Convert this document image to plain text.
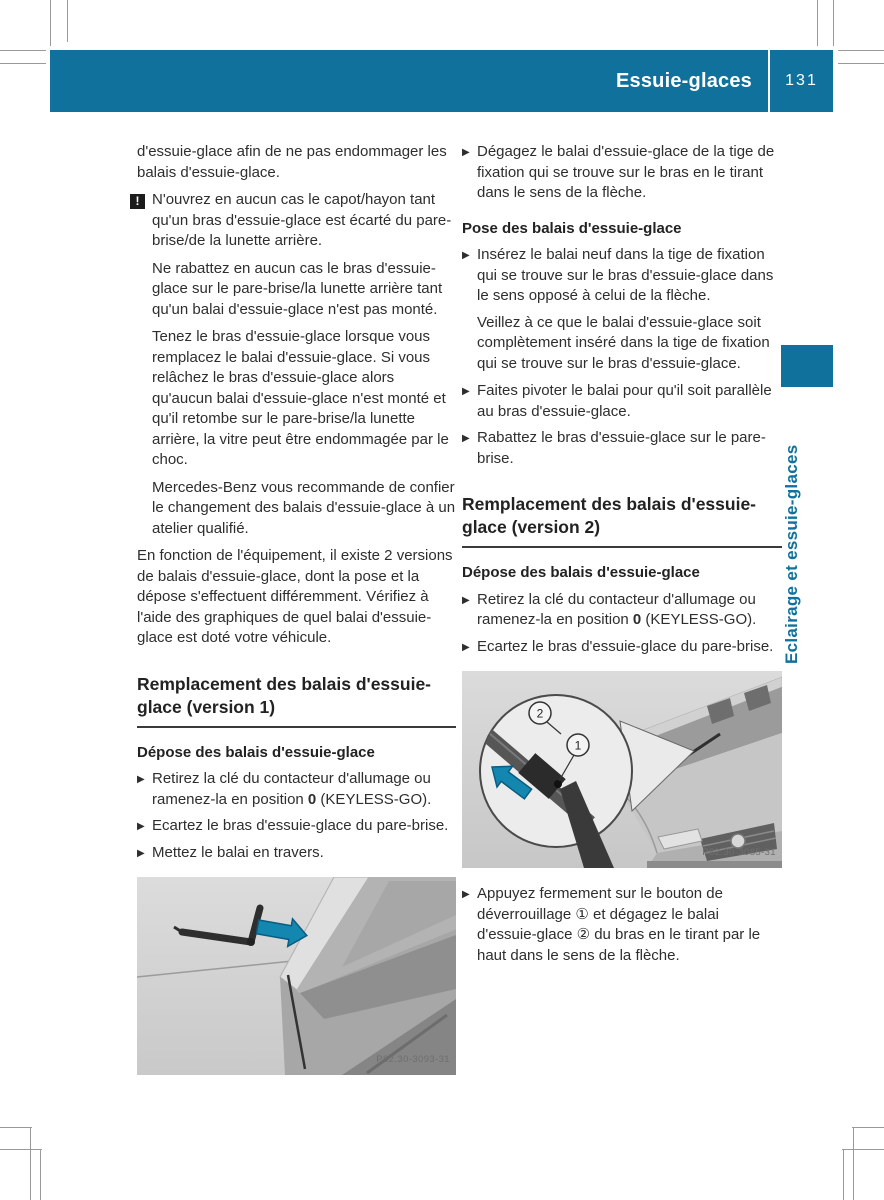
Essuie-glaces	131
Eclairage et essuie-glaces

d'essuie-glace afin de ne pas endommager les balais d'essuie-glace.

! N'ouvrez en aucun cas le capot/hayon tant qu'un bras d'essuie-glace est écarté du pare-brise/de la lunette arrière.

Ne rabattez en aucun cas le bras d'essuie-glace sur le pare-brise/la lunette arrière tant qu'un balai d'essuie-glace n'est pas monté.

Tenez le bras d'essuie-glace lorsque vous remplacez le balai d'essuie-glace. Si vous relâchez le bras d'essuie-glace alors qu'aucun balai d'essuie-glace n'est monté et qu'il retombe sur le pare-brise/la lunette arrière, la vitre peut être endommagée par le choc.

Mercedes-Benz vous recommande de confier le changement des balais d'essuie-glace à un atelier qualifié.

En fonction de l'équipement, il existe 2 versions de balais d'essuie-glace, dont la pose et la dépose s'effectuent différemment. Vérifiez à l'aide des graphiques de quel balai d'essuie-glace est doté votre véhicule.

Remplacement des balais d'essuie-glace (version 1)
Dépose des balais d'essuie-glace
▶ Retirez la clé du contacteur d'allumage ou ramenez-la en position 0 (KEYLESS-GO).
▶ Ecartez le bras d'essuie-glace du pare-brise.
▶ Mettez le balai en travers.
P82.30-3093-31
▶ Dégagez le balai d'essuie-glace de la tige de fixation qui se trouve sur le bras en le tirant dans le sens de la flèche.
Pose des balais d'essuie-glace
▶ Insérez le balai neuf dans la tige de fixation qui se trouve sur le bras d'essuie-glace dans le sens opposé à celui de la flèche.

Veillez à ce que le balai d'essuie-glace soit complètement inséré dans la tige de fixation qui se trouve sur le bras d'essuie-glace.

▶ Faites pivoter le balai pour qu'il soit parallèle au bras d'essuie-glace.
▶ Rabattez le bras d'essuie-glace sur le pare-brise.
Remplacement des balais d'essuie-glace (version 2)
Dépose des balais d'essuie-glace
▶ Retirez la clé du contacteur d'allumage ou ramenez-la en position 0 (KEYLESS-GO).
▶ Ecartez le bras d'essuie-glace du pare-brise.
2
1
P82.30-3085-31
▶ Appuyez fermement sur le bouton de déverrouillage ① et dégagez le balai d'essuie-glace ② du bras en le tirant par le haut dans le sens de la flèche.
